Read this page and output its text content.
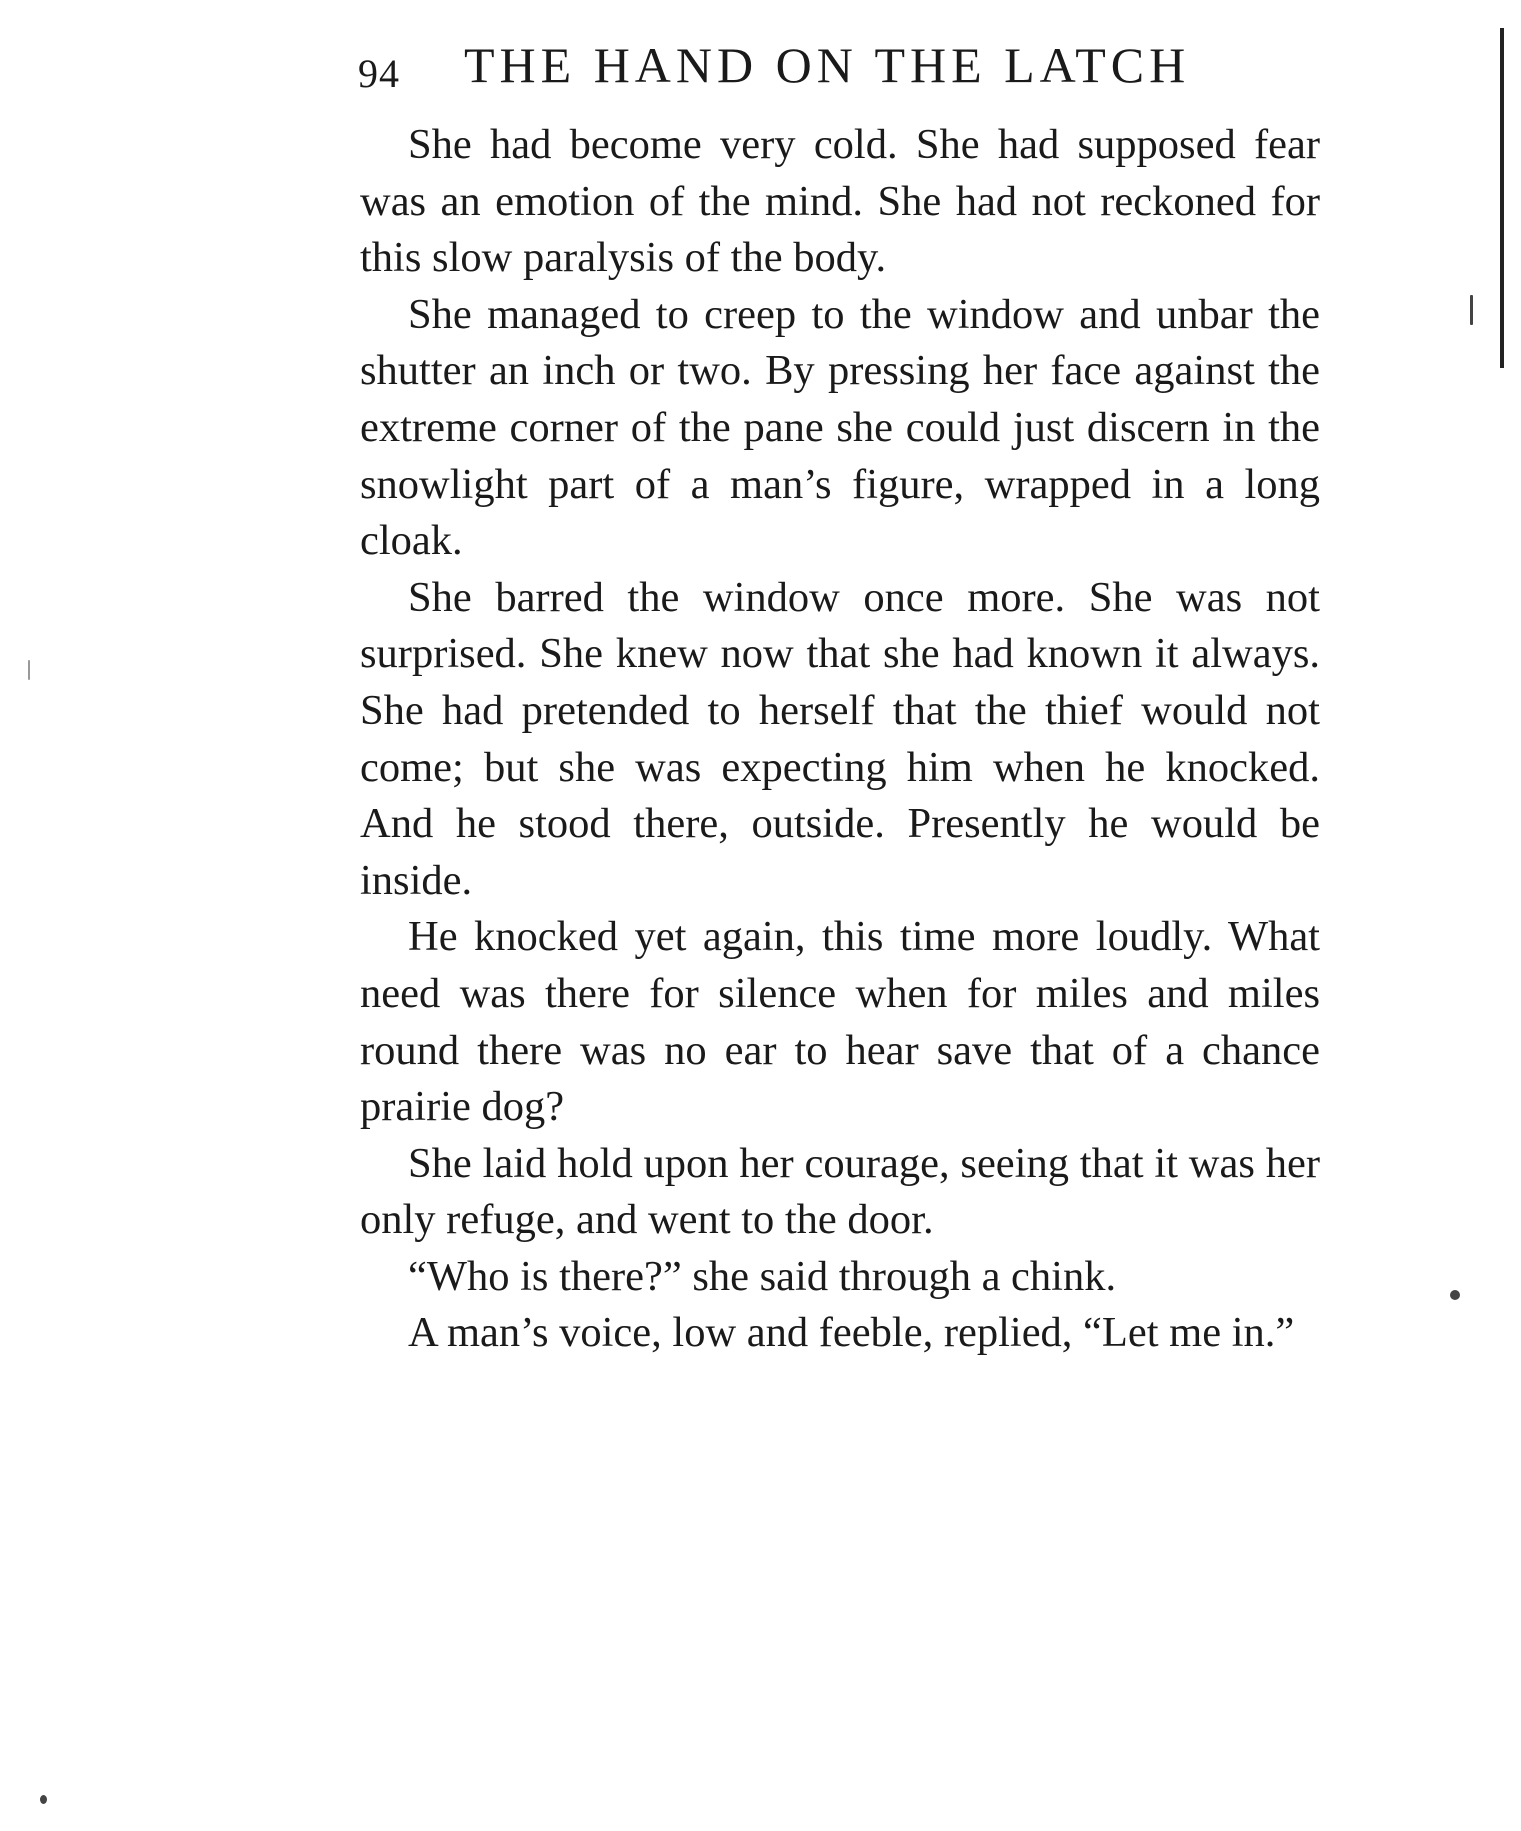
94 THE HAND ON THE LATCH

She had become very cold. She had supposed fear was an emotion of the mind. She had not reckoned for this slow paralysis of the body.

She managed to creep to the window and unbar the shutter an inch or two. By pressing her face against the extreme corner of the pane she could just discern in the snowlight part of a man’s figure, wrapped in a long cloak.

She barred the window once more. She was not surprised. She knew now that she had known it always. She had pretended to herself that the thief would not come; but she was expecting him when he knocked. And he stood there, outside. Presently he would be inside.

He knocked yet again, this time more loudly. What need was there for silence when for miles and miles round there was no ear to hear save that of a chance prairie dog?

She laid hold upon her courage, seeing that it was her only refuge, and went to the door.

“Who is there?” she said through a chink.

A man’s voice, low and feeble, replied, “Let me in.”
